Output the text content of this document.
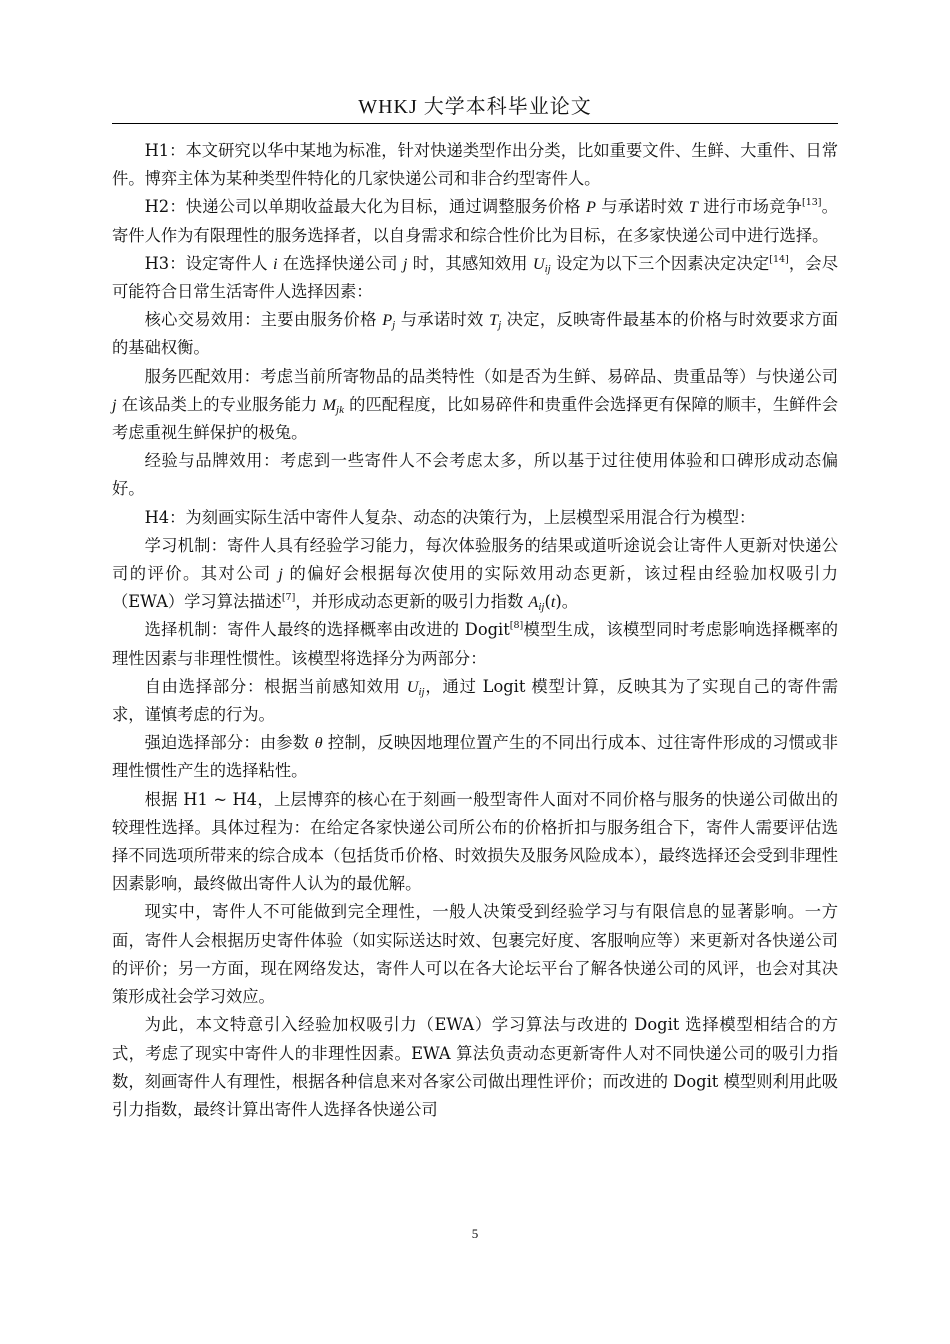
WHKJ 大学本科毕业论文

H1：本文研究以华中某地为标准，针对快递类型作出分类，比如重要文件、生鲜、大重件、日常件。博弈主体为某种类型件特化的几家快递公司和非合约型寄件人。

H2：快递公司以单期收益最大化为目标，通过调整服务价格 P 与承诺时效 T 进行市场竞争[13]。寄件人作为有限理性的服务选择者，以自身需求和综合性价比为目标，在多家快递公司中进行选择。

H3：设定寄件人 i 在选择快递公司 j 时，其感知效用 $U_{ij}$ 设定为以下三个因素决定决定[14]，会尽可能符合日常生活寄件人选择因素：

核心交易效用：主要由服务价格 $P_j$ 与承诺时效 $T_j$ 决定，反映寄件最基本的价格与时效要求方面的基础权衡。

服务匹配效用：考虑当前所寄物品的品类特性（如是否为生鲜、易碎品、贵重品等）与快递公司 j 在该品类上的专业服务能力 $M_{jk}$ 的匹配程度，比如易碎件和贵重件会选择更有保障的顺丰，生鲜件会考虑重视生鲜保护的极兔。

经验与品牌效用：考虑到一些寄件人不会考虑太多，所以基于过往使用体验和口碑形成动态偏好。

H4：为刻画实际生活中寄件人复杂、动态的决策行为，上层模型采用混合行为模型：

学习机制：寄件人具有经验学习能力，每次体验服务的结果或道听途说会让寄件人更新对快递公司的评价。其对公司 j 的偏好会根据每次使用的实际效用动态更新，该过程由经验加权吸引力（EWA）学习算法描述[7]，并形成动态更新的吸引力指数 $A_{ij}(t)$。

选择机制：寄件人最终的选择概率由改进的 Dogit[8]模型生成，该模型同时考虑影响选择概率的理性因素与非理性惯性。该模型将选择分为两部分：

自由选择部分：根据当前感知效用 $U_{ij}$，通过 Logit 模型计算，反映其为了实现自己的寄件需求，谨慎考虑的行为。

强迫选择部分：由参数 θ 控制，反映因地理位置产生的不同出行成本、过往寄件形成的习惯或非理性惯性产生的选择粘性。

根据 H1 ~ H4，上层博弈的核心在于刻画一般型寄件人面对不同价格与服务的快递公司做出的较理性选择。具体过程为：在给定各家快递公司所公布的价格折扣与服务组合下，寄件人需要评估选择不同选项所带来的综合成本（包括货币价格、时效损失及服务风险成本），最终选择还会受到非理性因素影响，最终做出寄件人认为的最优解。

现实中，寄件人不可能做到完全理性，一般人决策受到经验学习与有限信息的显著影响。一方面，寄件人会根据历史寄件体验（如实际送达时效、包裹完好度、客服响应等）来更新对各快递公司的评价；另一方面，现在网络发达，寄件人可以在各大论坛平台了解各快递公司的风评，也会对其决策形成社会学习效应。

为此，本文特意引入经验加权吸引力（EWA）学习算法与改进的 Dogit 选择模型相结合的方式，考虑了现实中寄件人的非理性因素。EWA 算法负责动态更新寄件人对不同快递公司的吸引力指数，刻画寄件人有理性，根据各种信息来对各家公司做出理性评价；而改进的 Dogit 模型则利用此吸引力指数，最终计算出寄件人选择各快递公司

5
